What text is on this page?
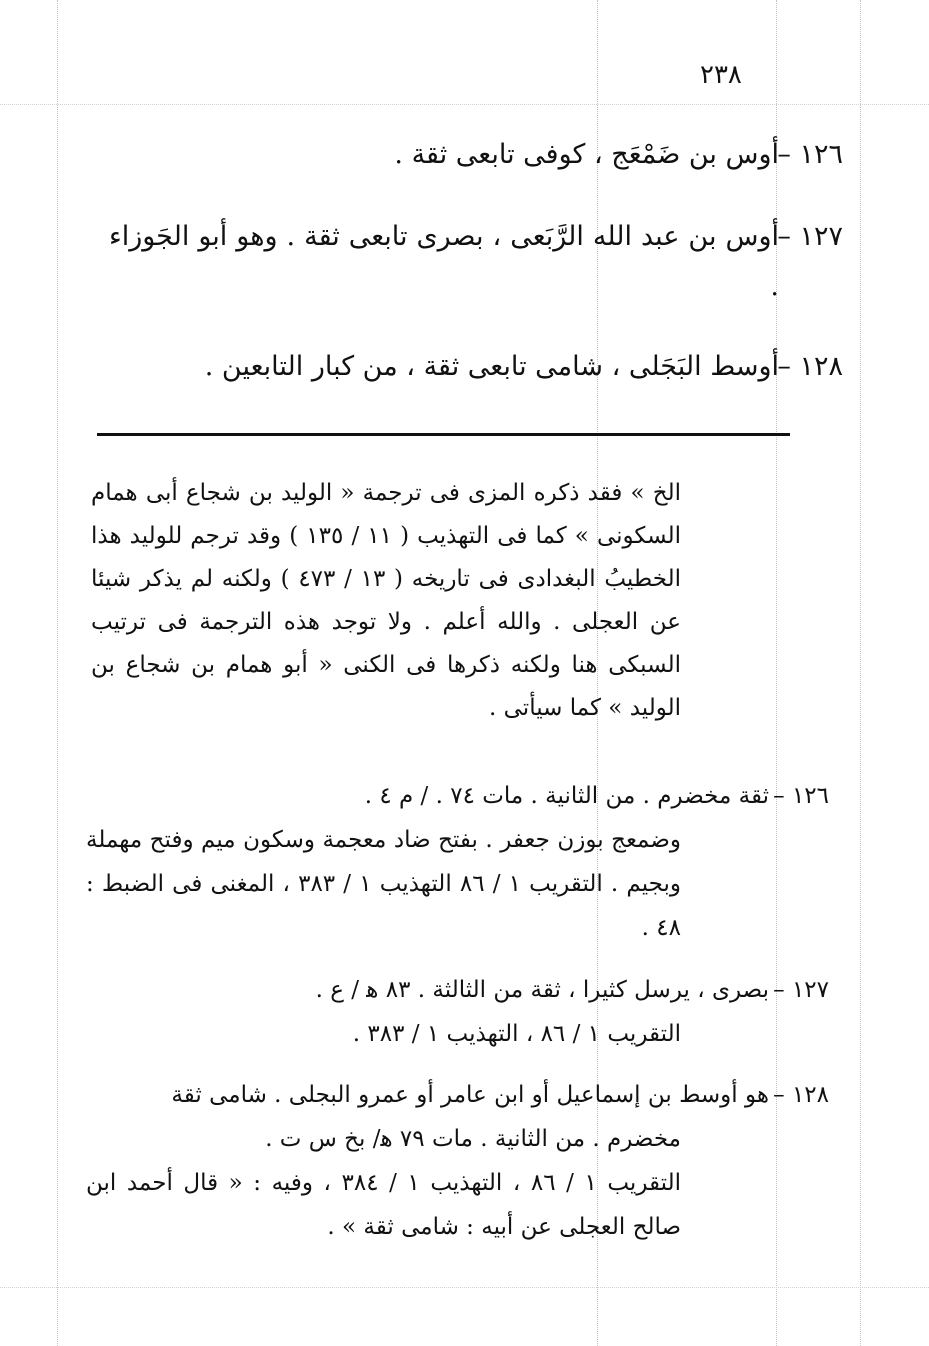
٢٣٨
١٢٦ –
أوس بن ضَمْعَج ، كوفى تابعى ثقة .
١٢٧ –
أوس بن عبد الله الرَّبَعى ، بصرى تابعى ثقة . وهو أبو الجَوزاء .
١٢٨ –
أوسط البَجَلى ، شامى تابعى ثقة ، من كبار التابعين .
الخ » فقد ذكره المزى فى ترجمة « الوليد بن شجاع أبى همام السكونى » كما فى التهذيب ( ١١ / ١٣٥ ) وقد ترجم للوليد هذا الخطيبُ البغدادى فى تاريخه ( ١٣ / ٤٧٣ ) ولكنه لم يذكر شيئا عن العجلى . والله أعلم . ولا توجد هذه الترجمة فى ترتيب السبكى هنا ولكنه ذكرها فى الكنى « أبو همام بن شجاع بن الوليد » كما سيأتى .
١٢٦ –
ثقة مخضرم . من الثانية . مات ٧٤ . / م ٤ .
وضمعج بوزن جعفر . بفتح ضاد معجمة وسكون ميم وفتح مهملة وبجيم . التقريب ١ / ٨٦ التهذيب ١ / ٣٨٣ ، المغنى فى الضبط : ٤٨ .
١٢٧ –
بصرى ، يرسل كثيرا ، ثقة من الثالثة . ٨٣ ﻫ / ع .
التقريب ١ / ٨٦ ، التهذيب ١ / ٣٨٣ .
١٢٨ –
هو أوسط بن إسماعيل أو ابن عامر أو عمرو البجلى . شامى ثقة
مخضرم . من الثانية . مات ٧٩ ﻫ/ بخ س ت .
التقريب ١ / ٨٦ ، التهذيب ١ / ٣٨٤ ، وفيه : « قال أحمد ابن صالح العجلى عن أبيه : شامى ثقة » .
